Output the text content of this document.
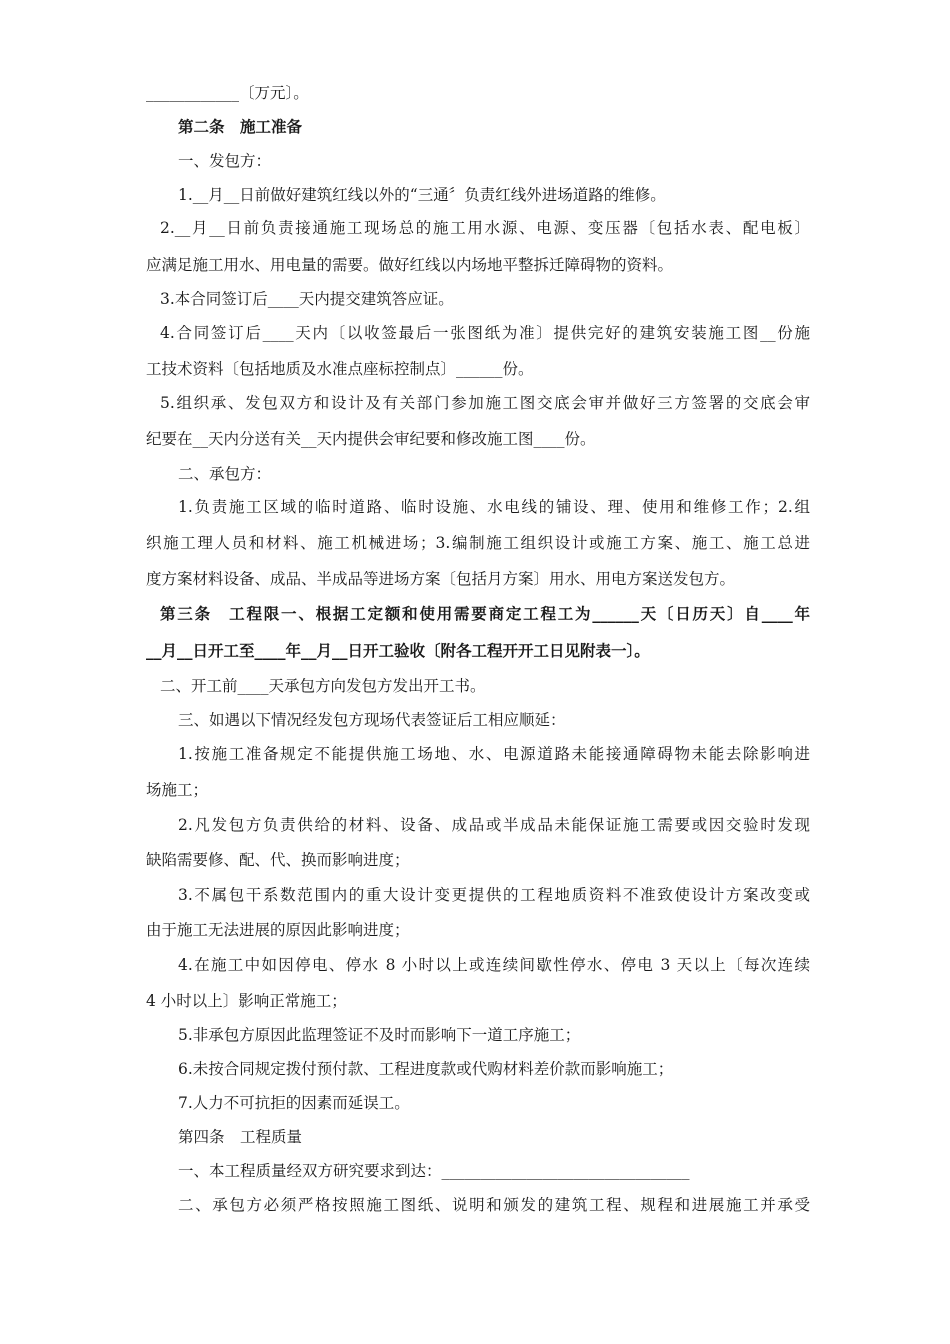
____________〔万元〕。
第二条　施工准备
一、发包方：
1.__月__日前做好建筑红线以外的“三通〞负责红线外进场道路的维修。
2.__月__日前负责接通施工现场总的施工用水源、电源、变压器〔包括水表、配电板〕
应满足施工用水、用电量的需要。做好红线以内场地平整拆迁障碍物的资料。
3.本合同签订后____天内提交建筑答应证。
4.合同签订后____天内〔以收签最后一张图纸为准〕提供完好的建筑安装施工图__份施
工技术资料〔包括地质及水准点座标控制点〕______份。
5.组织承、发包双方和设计及有关部门参加施工图交底会审并做好三方签署的交底会审
纪要在__天内分送有关__天内提供会审纪要和修改施工图____份。
二、承包方：
1.负责施工区域的临时道路、临时设施、水电线的铺设、理、使用和维修工作；2.组
织施工理人员和材料、施工机械进场；3.编制施工组织设计或施工方案、施工、施工总进
度方案材料设备、成品、半成品等进场方案〔包括月方案〕用水、用电方案送发包方。
第三条　工程限一、根据工定额和使用需要商定工程工为______天〔日历天〕自____年
__月__日开工至____年__月__日开工验收〔附各工程开开工日见附表一〕。
二、开工前____天承包方向发包方发出开工书。
三、如遇以下情况经发包方现场代表签证后工相应顺延：
1.按施工准备规定不能提供施工场地、水、电源道路未能接通障碍物未能去除影响进
场施工；
2.凡发包方负责供给的材料、设备、成品或半成品未能保证施工需要或因交验时发现
缺陷需要修、配、代、换而影响进度；
3.不属包干系数范围内的重大设计变更提供的工程地质资料不准致使设计方案改变或
由于施工无法进展的原因此影响进度；
4.在施工中如因停电、停水 8 小时以上或连续间歇性停水、停电 3 天以上〔每次连续
4 小时以上〕影响正常施工；
5.非承包方原因此监理签证不及时而影响下一道工序施工；
6.未按合同规定拨付预付款、工程进度款或代购材料差价款而影响施工；
7.人力不可抗拒的因素而延误工。
第四条　工程质量
一、本工程质量经双方研究要求到达：________________________________
二、承包方必须严格按照施工图纸、说明和颁发的建筑工程、规程和进展施工并承受
